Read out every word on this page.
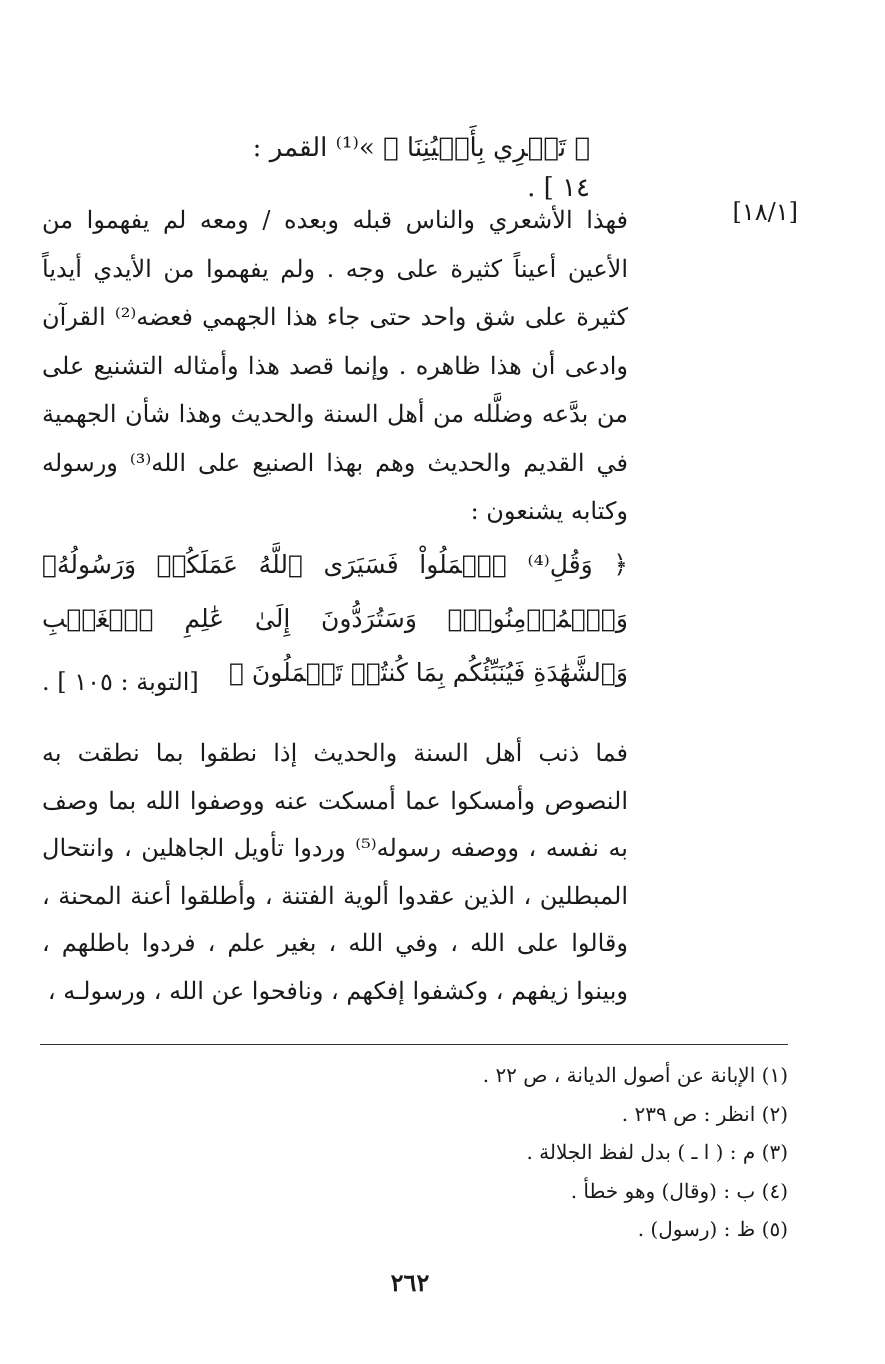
﴿ تَجۡرِي بِأَعۡيُنِنَا ﴾ »⁽¹⁾ القمر : ١٤ ] .
[١٨/١]
فهذا الأشعري والناس قبله وبعده / ومعه لم يفهموا من الأعين أعيناً كثيرة على وجه . ولم يفهموا من الأيدي أيدياً كثيرة على شق واحد حتى جاء هذا الجهمي فعضه⁽²⁾ القرآن وادعى أن هذا ظاهره . وإنما قصد هذا وأمثاله التشنيع على من بدَّعه وضلَّله من أهل السنة والحديث وهذا شأن الجهمية في القديم والحديث وهم بهذا الصنيع على الله⁽³⁾ ورسوله وكتابه يشنعون :
﴿ وَقُلِ⁽⁴⁾ ٱعۡمَلُواْ فَسَيَرَى ٱللَّهُ عَمَلَكُمۡ وَرَسُولُهُۥ وَٱلۡمُؤۡمِنُونَۖ وَسَتُرَدُّونَ إِلَىٰ عَٰلِمِ ٱلۡغَيۡبِ وَٱلشَّهَٰدَةِ فَيُنَبِّئُكُم بِمَا كُنتُمۡ تَعۡمَلُونَ ﴾
[التوبة : ١٠٥ ] .
فما ذنب أهل السنة والحديث إذا نطقوا بما نطقت به النصوص وأمسكوا عما أمسكت عنه ووصفوا الله بما وصف به نفسه ، ووصفه رسوله⁽⁵⁾ وردوا تأويل الجاهلين ، وانتحال المبطلين ، الذين عقدوا ألوية الفتنة ، وأطلقوا أعنة المحنة ، وقالوا على الله ، وفي الله ، بغير علم ، فردوا باطلهم ، وبينوا زيفهم ، وكشفوا إفكهم ، ونافحوا عن الله ، ورسولـه ،
(١) الإبانة عن أصول الديانة ، ص ٢٢ .
(٢) انظر : ص ٢٣٩ .
(٣) م : ( ا ـ ) بدل لفظ الجلالة .
(٤) ب : (وقال) وهو خطأ .
(٥) ظ : (رسول) .
٢٦٢
